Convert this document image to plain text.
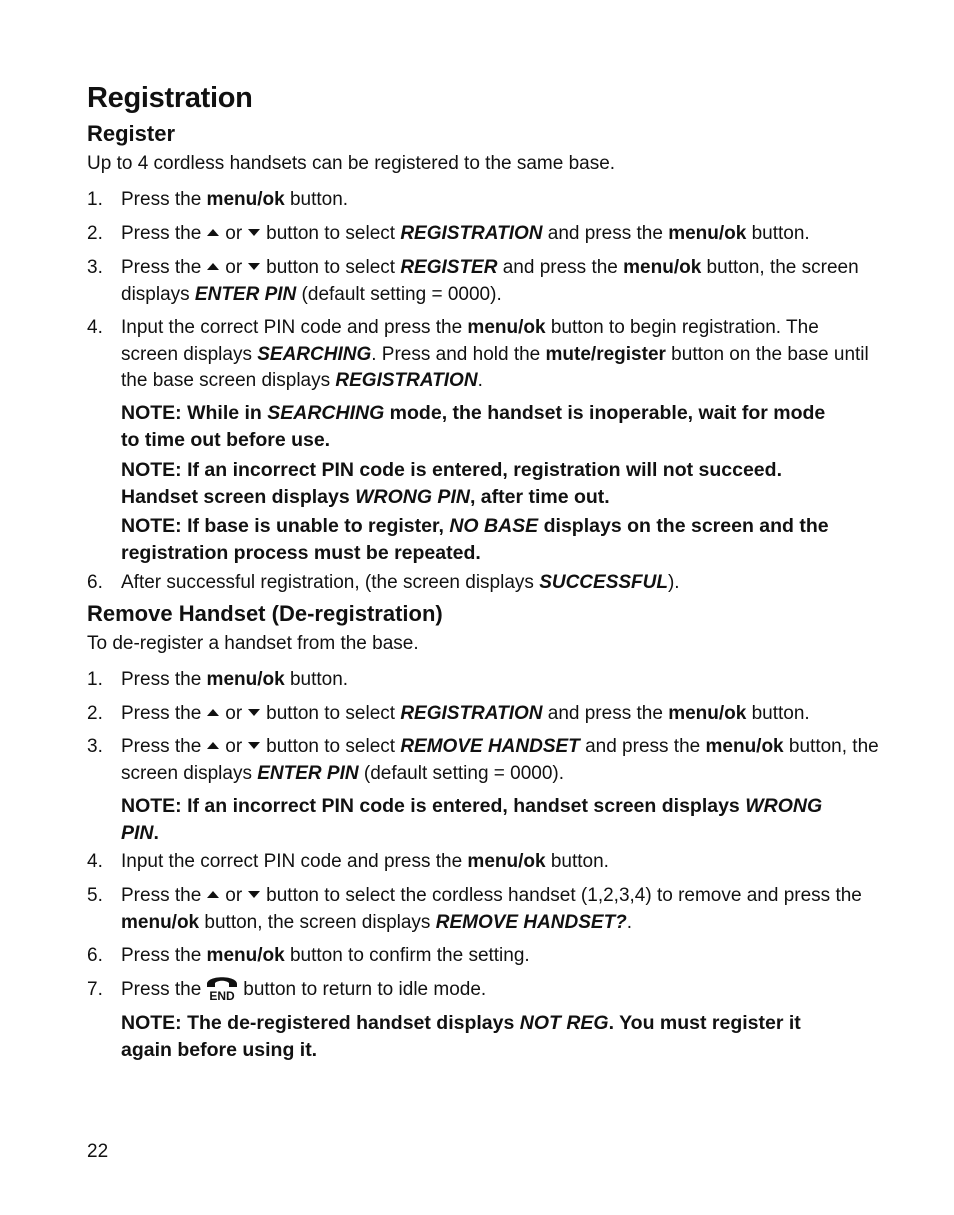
Registration
Register
Up to 4 cordless handsets can be registered to the same base.
1. Press the menu/ok button.
2. Press the or button to select REGISTRATION and press the menu/ok button.
3. Press the or button to select REGISTER and press the menu/ok button, the screen displays ENTER PIN (default setting = 0000).
4. Input the correct PIN code and press the menu/ok button to begin registration. The screen displays SEARCHING. Press and hold the mute/register button on the base until the base screen displays REGISTRATION.
NOTE: While in SEARCHING mode, the handset is inoperable, wait for mode to time out before use.
NOTE: If an incorrect PIN code is entered, registration will not succeed. Handset screen displays WRONG PIN, after time out.
NOTE: If base is unable to register, NO BASE displays on the screen and the registration process must be repeated.
6. After successful registration, (the screen displays SUCCESSFUL).
Remove Handset (De-registration)
To de-register a handset from the base.
1. Press the menu/ok button.
2. Press the or button to select REGISTRATION and press the menu/ok button.
3. Press the or button to select REMOVE HANDSET and press the menu/ok button, the screen displays ENTER PIN (default setting = 0000).
NOTE: If an incorrect PIN code is entered, handset screen displays WRONG PIN.
4. Input the correct PIN code and press the menu/ok button.
5. Press the or button to select the cordless handset (1,2,3,4) to remove and press the menu/ok button, the screen displays REMOVE HANDSET?.
6. Press the menu/ok button to confirm the setting.
7. Press the END button to return to idle mode.
NOTE: The de-registered handset displays NOT REG. You must register it again before using it.
22
